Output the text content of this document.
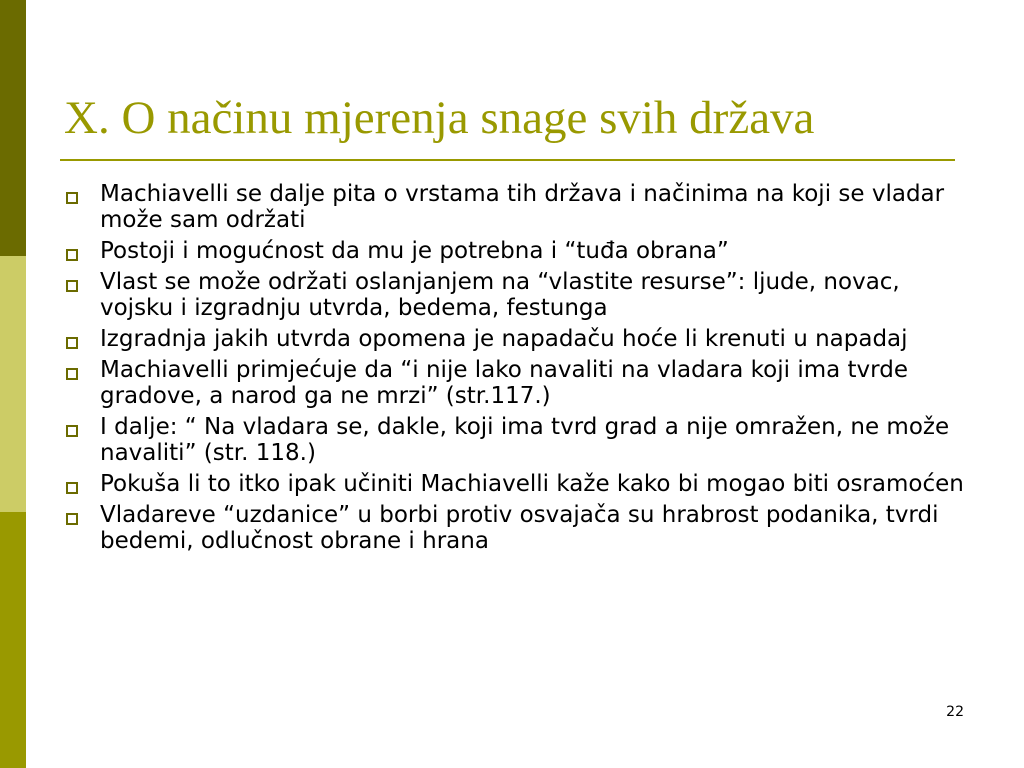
X. O načinu mjerenja snage svih država
Machiavelli se dalje pita o vrstama tih država i načinima na koji se vladar može sam održati
Postoji i mogućnost da mu je potrebna i “tuđa obrana”
Vlast se može održati oslanjanjem na “vlastite resurse”: ljude, novac, vojsku i izgradnju utvrda, bedema, festunga
Izgradnja jakih utvrda opomena je napadaču hoće li krenuti u napadaj
Machiavelli primjećuje da “i nije lako navaliti na vladara koji ima tvrde gradove, a narod ga ne mrzi” (str.117.)
I dalje: “ Na vladara se, dakle, koji ima tvrd grad a nije omražen, ne može navaliti” (str. 118.)
Pokuša li to itko ipak učiniti Machiavelli kaže kako bi mogao biti osramoćen
Vladareve “uzdanice” u borbi protiv osvajača su hrabrost podanika, tvrdi bedemi, odlučnost obrane i hrana
22
